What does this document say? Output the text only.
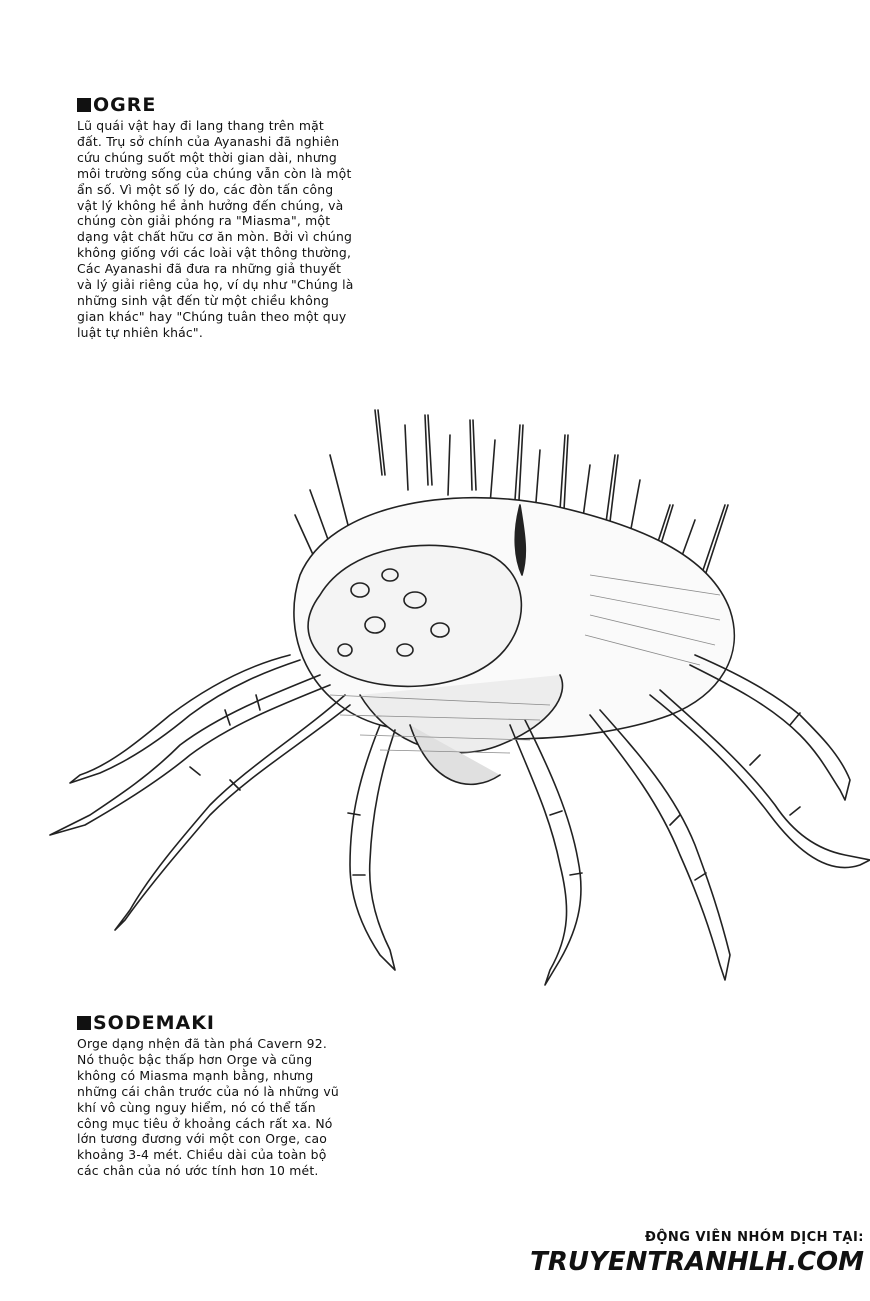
OGRE
Lũ quái vật hay đi lang thang trên mặt
đất. Trụ sở chính của Ayanashi đã nghiên
cứu chúng suốt một thời gian dài, nhưng
môi trường sống của chúng vẫn còn là một
ẩn số. Vì một số lý do, các đòn tấn công
vật lý không hề ảnh hưởng đến chúng, và
chúng còn giải phóng ra "Miasma", một
dạng vật chất hữu cơ ăn mòn. Bởi vì chúng
không giống với các loài vật thông thường,
Các Ayanashi đã đưa ra những giả thuyết
và lý giải riêng của họ, ví dụ như "Chúng là
những sinh vật đến từ một chiều không
gian khác" hay "Chúng tuân theo một quy
luật tự nhiên khác".
SODEMAKI
Orge dạng nhện đã tàn phá Cavern 92.
Nó thuộc bậc thấp hơn Orge và cũng
không có Miasma mạnh bằng, nhưng
những cái chân trước của nó là những vũ
khí vô cùng nguy hiểm, nó có thể tấn
công mục tiêu ở khoảng cách rất xa. Nó
lớn tương đương với một con Orge, cao
khoảng 3-4 mét. Chiều dài của toàn bộ
các chân của nó ước tính hơn 10 mét.
ĐỘNG VIÊN NHÓM DỊCH TẠI:
TRUYENTRANHLH.COM
